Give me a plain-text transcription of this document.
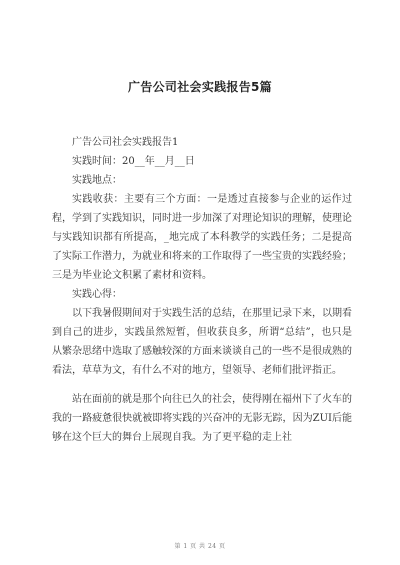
广告公司社会实践报告5篇

广告公司社会实践报告1

实践时间：20__年__月__日

实践地点：

实践收获：主要有三个方面：一是透过直接参与企业的运作过程，学到了实践知识，同时进一步加深了对理论知识的理解，使理论与实践知识都有所提高，_地完成了本科教学的实践任务；二是提高了实际工作潜力，为就业和将来的工作取得了一些宝贵的实践经验；三是为毕业论文积累了素材和资料。

实践心得：

以下我暑假期间对于实践生活的总结，在那里记录下来，以期看到自己的进步，实践虽然短暂，但收获良多，所谓“总结”，也只是从繁杂思绪中选取了感触较深的方面来谈谈自己的一些不是很成熟的看法，草草为文，有什么不对的地方，望领导、老师们批评指正。

站在面前的就是那个向往已久的社会，使得刚在福州下了火车的我的一路疲惫很快就被即将实践的兴奋冲的无影无踪，因为ZUI后能够在这个巨大的舞台上展现自我。为了更平稳的走上社

第 1 页 共 24 页
